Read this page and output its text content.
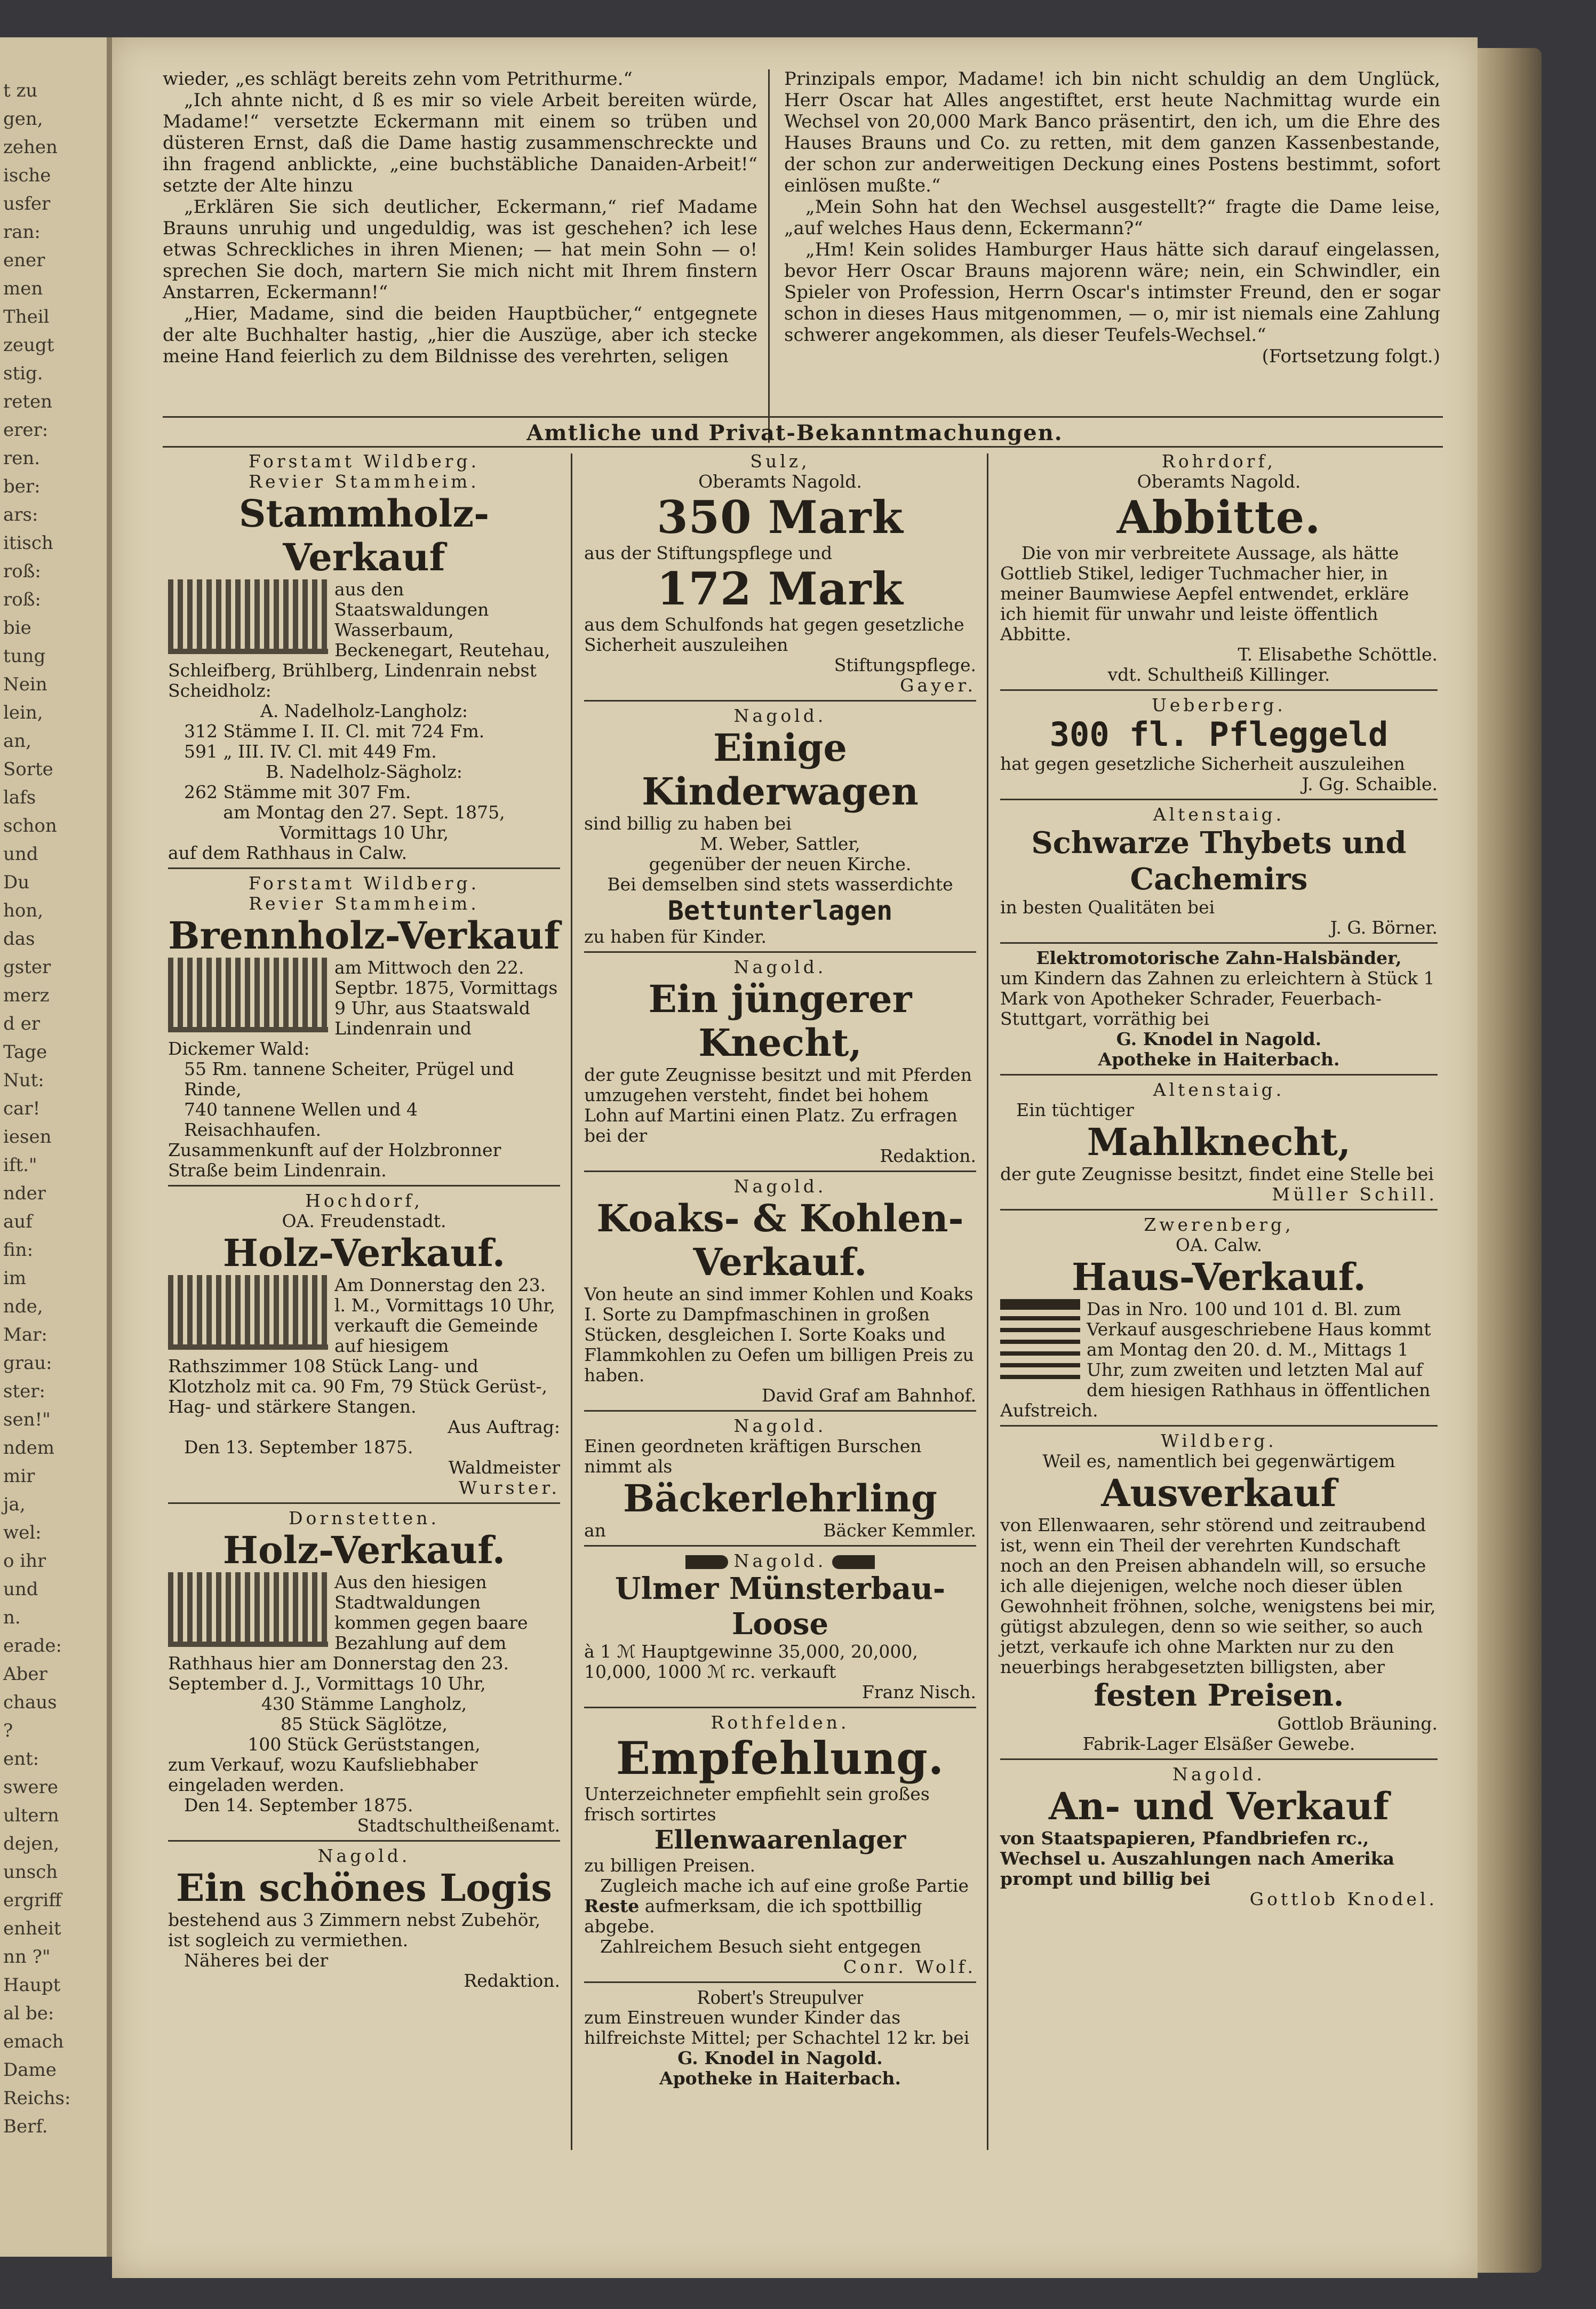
t zu
gen,
zehen
ische
usfer
ran:
ener
men
Theil
zeugt
stig.
reten
erer:
ren.
ber:
ars:
itisch
roß:
roß:
bie
tung
Nein
lein,
an,
Sorte
lafs
schon
und
Du
hon,
das
gster
merz
d er
Tage
Nut:
car!
iesen
ift."
nder
auf
fin:
im
nde,
Mar:
grau:
ster:
sen!"
ndem
mir
ja,
wel:
o ihr
und
n.
erade:
Aber
chaus
?
ent:
swere
ultern
dejen,
unsch
ergriff
enheit
nn ?"
Haupt
al be:
emach
Dame
Reichs:
Berf.

wieder, „es schlägt bereits zehn vom Petrithurme.“

„Ich ahnte nicht, d ß es mir so viele Arbeit bereiten würde, Madame!“ versetzte Eckermann mit einem so trüben und düsteren Ernst, daß die Dame hastig zusammenschreckte und ihn fragend anblickte, „eine buchstäbliche Danaiden-Arbeit!“ setzte der Alte hinzu

„Erklären Sie sich deutlicher, Eckermann,“ rief Madame Brauns unruhig und ungeduldig, was ist geschehen? ich lese etwas Schreckliches in ihren Mienen; — hat mein Sohn — o! sprechen Sie doch, martern Sie mich nicht mit Ihrem finstern Anstarren, Eckermann!“

„Hier, Madame, sind die beiden Hauptbücher,“ entgegnete der alte Buchhalter hastig, „hier die Auszüge, aber ich stecke meine Hand feierlich zu dem Bildnisse des verehrten, seligen

Prinzipals empor, Madame! ich bin nicht schuldig an dem Unglück, Herr Oscar hat Alles angestiftet, erst heute Nachmittag wurde ein Wechsel von 20,000 Mark Banco präsentirt, den ich, um die Ehre des Hauses Brauns und Co. zu retten, mit dem ganzen Kassenbestande, der schon zur anderweitigen Deckung eines Postens bestimmt, sofort einlösen mußte.“

„Mein Sohn hat den Wechsel ausgestellt?“ fragte die Dame leise, „auf welches Haus denn, Eckermann?“

„Hm! Kein solides Hamburger Haus hätte sich darauf eingelassen, bevor Herr Oscar Brauns majorenn wäre; nein, ein Schwindler, ein Spieler von Profession, Herrn Oscar's intimster Freund, den er sogar schon in dieses Haus mitgenommen, — o, mir ist niemals eine Zahlung schwerer angekommen, als dieser Teufels-Wechsel.“

(Fortsetzung folgt.)

Amtliche und Privat-Bekanntmachungen.
Forstamt Wildberg.
Revier Stammheim.
Stammholz-Verkauf
aus den Staatswaldungen Wasserbaum, Beckenegart, Reutehau, Schleifberg, Brühlberg, Lindenrain nebst Scheidholz:
A. Nadelholz-Langholz:
312 Stämme I. II. Cl. mit 724 Fm.
591 „ III. IV. Cl. mit 449 Fm.
B. Nadelholz-Sägholz:
262 Stämme mit 307 Fm.
am Montag den 27. Sept. 1875,
Vormittags 10 Uhr,
auf dem Rathhaus in Calw.
Forstamt Wildberg.
Revier Stammheim.
Brennholz-Verkauf
am Mittwoch den 22. Septbr. 1875, Vormittags 9 Uhr, aus Staatswald Lindenrain und Dickemer Wald:
55 Rm. tannene Scheiter, Prügel und Rinde,
740 tannene Wellen und 4 Reisachhaufen.
Zusammenkunft auf der Holzbronner Straße beim Lindenrain.
Hochdorf,
OA. Freudenstadt.
Holz-Verkauf.
Am Donnerstag den 23. l. M., Vormittags 10 Uhr, verkauft die Gemeinde auf hiesigem Rathszimmer 108 Stück Lang- und Klotzholz mit ca. 90 Fm, 79 Stück Gerüst-, Hag- und stärkere Stangen.
Aus Auftrag:
Den 13. September 1875.
Waldmeister
Wurster.
Dornstetten.
Holz-Verkauf.
Aus den hiesigen Stadtwaldungen kommen gegen baare Bezahlung auf dem Rathhaus hier am Donnerstag den 23. September d. J., Vormittags 10 Uhr,
430 Stämme Langholz,
85 Stück Säglötze,
100 Stück Gerüststangen,
zum Verkauf, wozu Kaufsliebhaber eingeladen werden.
Den 14. September 1875.
Stadtschultheißenamt.
Nagold.
Ein schönes Logis
bestehend aus 3 Zimmern nebst Zubehör, ist sogleich zu vermiethen.
Näheres bei der
Redaktion.
Sulz,
Oberamts Nagold.
350 Mark
aus der Stiftungspflege und
172 Mark
aus dem Schulfonds hat gegen gesetzliche Sicherheit auszuleihen
Stiftungspflege.
Gayer.
Nagold.
Einige Kinderwagen
sind billig zu haben bei
M. Weber, Sattler,
gegenüber der neuen Kirche.
Bei demselben sind stets wasserdichte
Bettunterlagen
zu haben für Kinder.
Nagold.
Ein jüngerer Knecht,
der gute Zeugnisse besitzt und mit Pferden umzugehen versteht, findet bei hohem Lohn auf Martini einen Platz. Zu erfragen bei der
Redaktion.
Nagold.
Koaks- & Kohlen-
Verkauf.
Von heute an sind immer Kohlen und Koaks I. Sorte zu Dampfmaschinen in großen Stücken, desgleichen I. Sorte Koaks und Flammkohlen zu Oefen um billigen Preis zu haben.
David Graf am Bahnhof.
Nagold.
Einen geordneten kräftigen Burschen nimmt als
Bäckerlehrling
an	Bäcker Kemmler.
Nagold.
Ulmer Münsterbau-Loose
à 1 ℳ Hauptgewinne 35,000, 20,000, 10,000, 1000 ℳ rc. verkauft
Franz Nisch.
Rothfelden.
Empfehlung.
Unterzeichneter empfiehlt sein großes frisch sortirtes
Ellenwaarenlager
zu billigen Preisen.
Zugleich mache ich auf eine große Partie
Reste aufmerksam, die ich spottbillig abgebe.
Zahlreichem Besuch sieht entgegen
Conr. Wolf.
Robert's Streupulver
zum Einstreuen wunder Kinder das hilfreichste Mittel; per Schachtel 12 kr. bei
G. Knodel in Nagold.
Apotheke in Haiterbach.
Rohrdorf,
Oberamts Nagold.
Abbitte.
Die von mir verbreitete Aussage, als hätte Gottlieb Stikel, lediger Tuchmacher hier, in meiner Baumwiese Aepfel entwendet, erkläre ich hiemit für unwahr und leiste öffentlich Abbitte.
T. Elisabethe Schöttle.
vdt. Schultheiß Killinger.
Ueberberg.
300 fl. Pfleggeld
hat gegen gesetzliche Sicherheit auszuleihen
J. Gg. Schaible.
Altenstaig.
Schwarze Thybets und
Cachemirs
in besten Qualitäten bei
J. G. Börner.
Elektromotorische Zahn-Halsbänder,
um Kindern das Zahnen zu erleichtern à Stück 1 Mark von Apotheker Schrader, Feuerbach-Stuttgart, vorräthig bei
G. Knodel in Nagold.
Apotheke in Haiterbach.
Altenstaig.
Ein tüchtiger
Mahlknecht,
der gute Zeugnisse besitzt, findet eine Stelle bei
Müller Schill.
Zwerenberg,
OA. Calw.
Haus-Verkauf.
Das in Nro. 100 und 101 d. Bl. zum Verkauf ausgeschriebene Haus kommt am Montag den 20. d. M., Mittags 1 Uhr, zum zweiten und letzten Mal auf dem hiesigen Rathhaus in öffentlichen Aufstreich.
Wildberg.
Weil es, namentlich bei gegenwärtigem
Ausverkauf
von Ellenwaaren, sehr störend und zeitraubend ist, wenn ein Theil der verehrten Kundschaft noch an den Preisen abhandeln will, so ersuche ich alle diejenigen, welche noch dieser üblen Gewohnheit fröhnen, solche, wenigstens bei mir, gütigst abzulegen, denn so wie seither, so auch jetzt, verkaufe ich ohne Markten nur zu den neuerbings herabgesetzten billigsten, aber
festen Preisen.
Gottlob Bräuning.
Fabrik-Lager Elsäßer Gewebe.
Nagold.
An- und Verkauf
von Staatspapieren, Pfandbriefen rc., Wechsel u. Auszahlungen nach Amerika prompt und billig bei
Gottlob Knodel.
